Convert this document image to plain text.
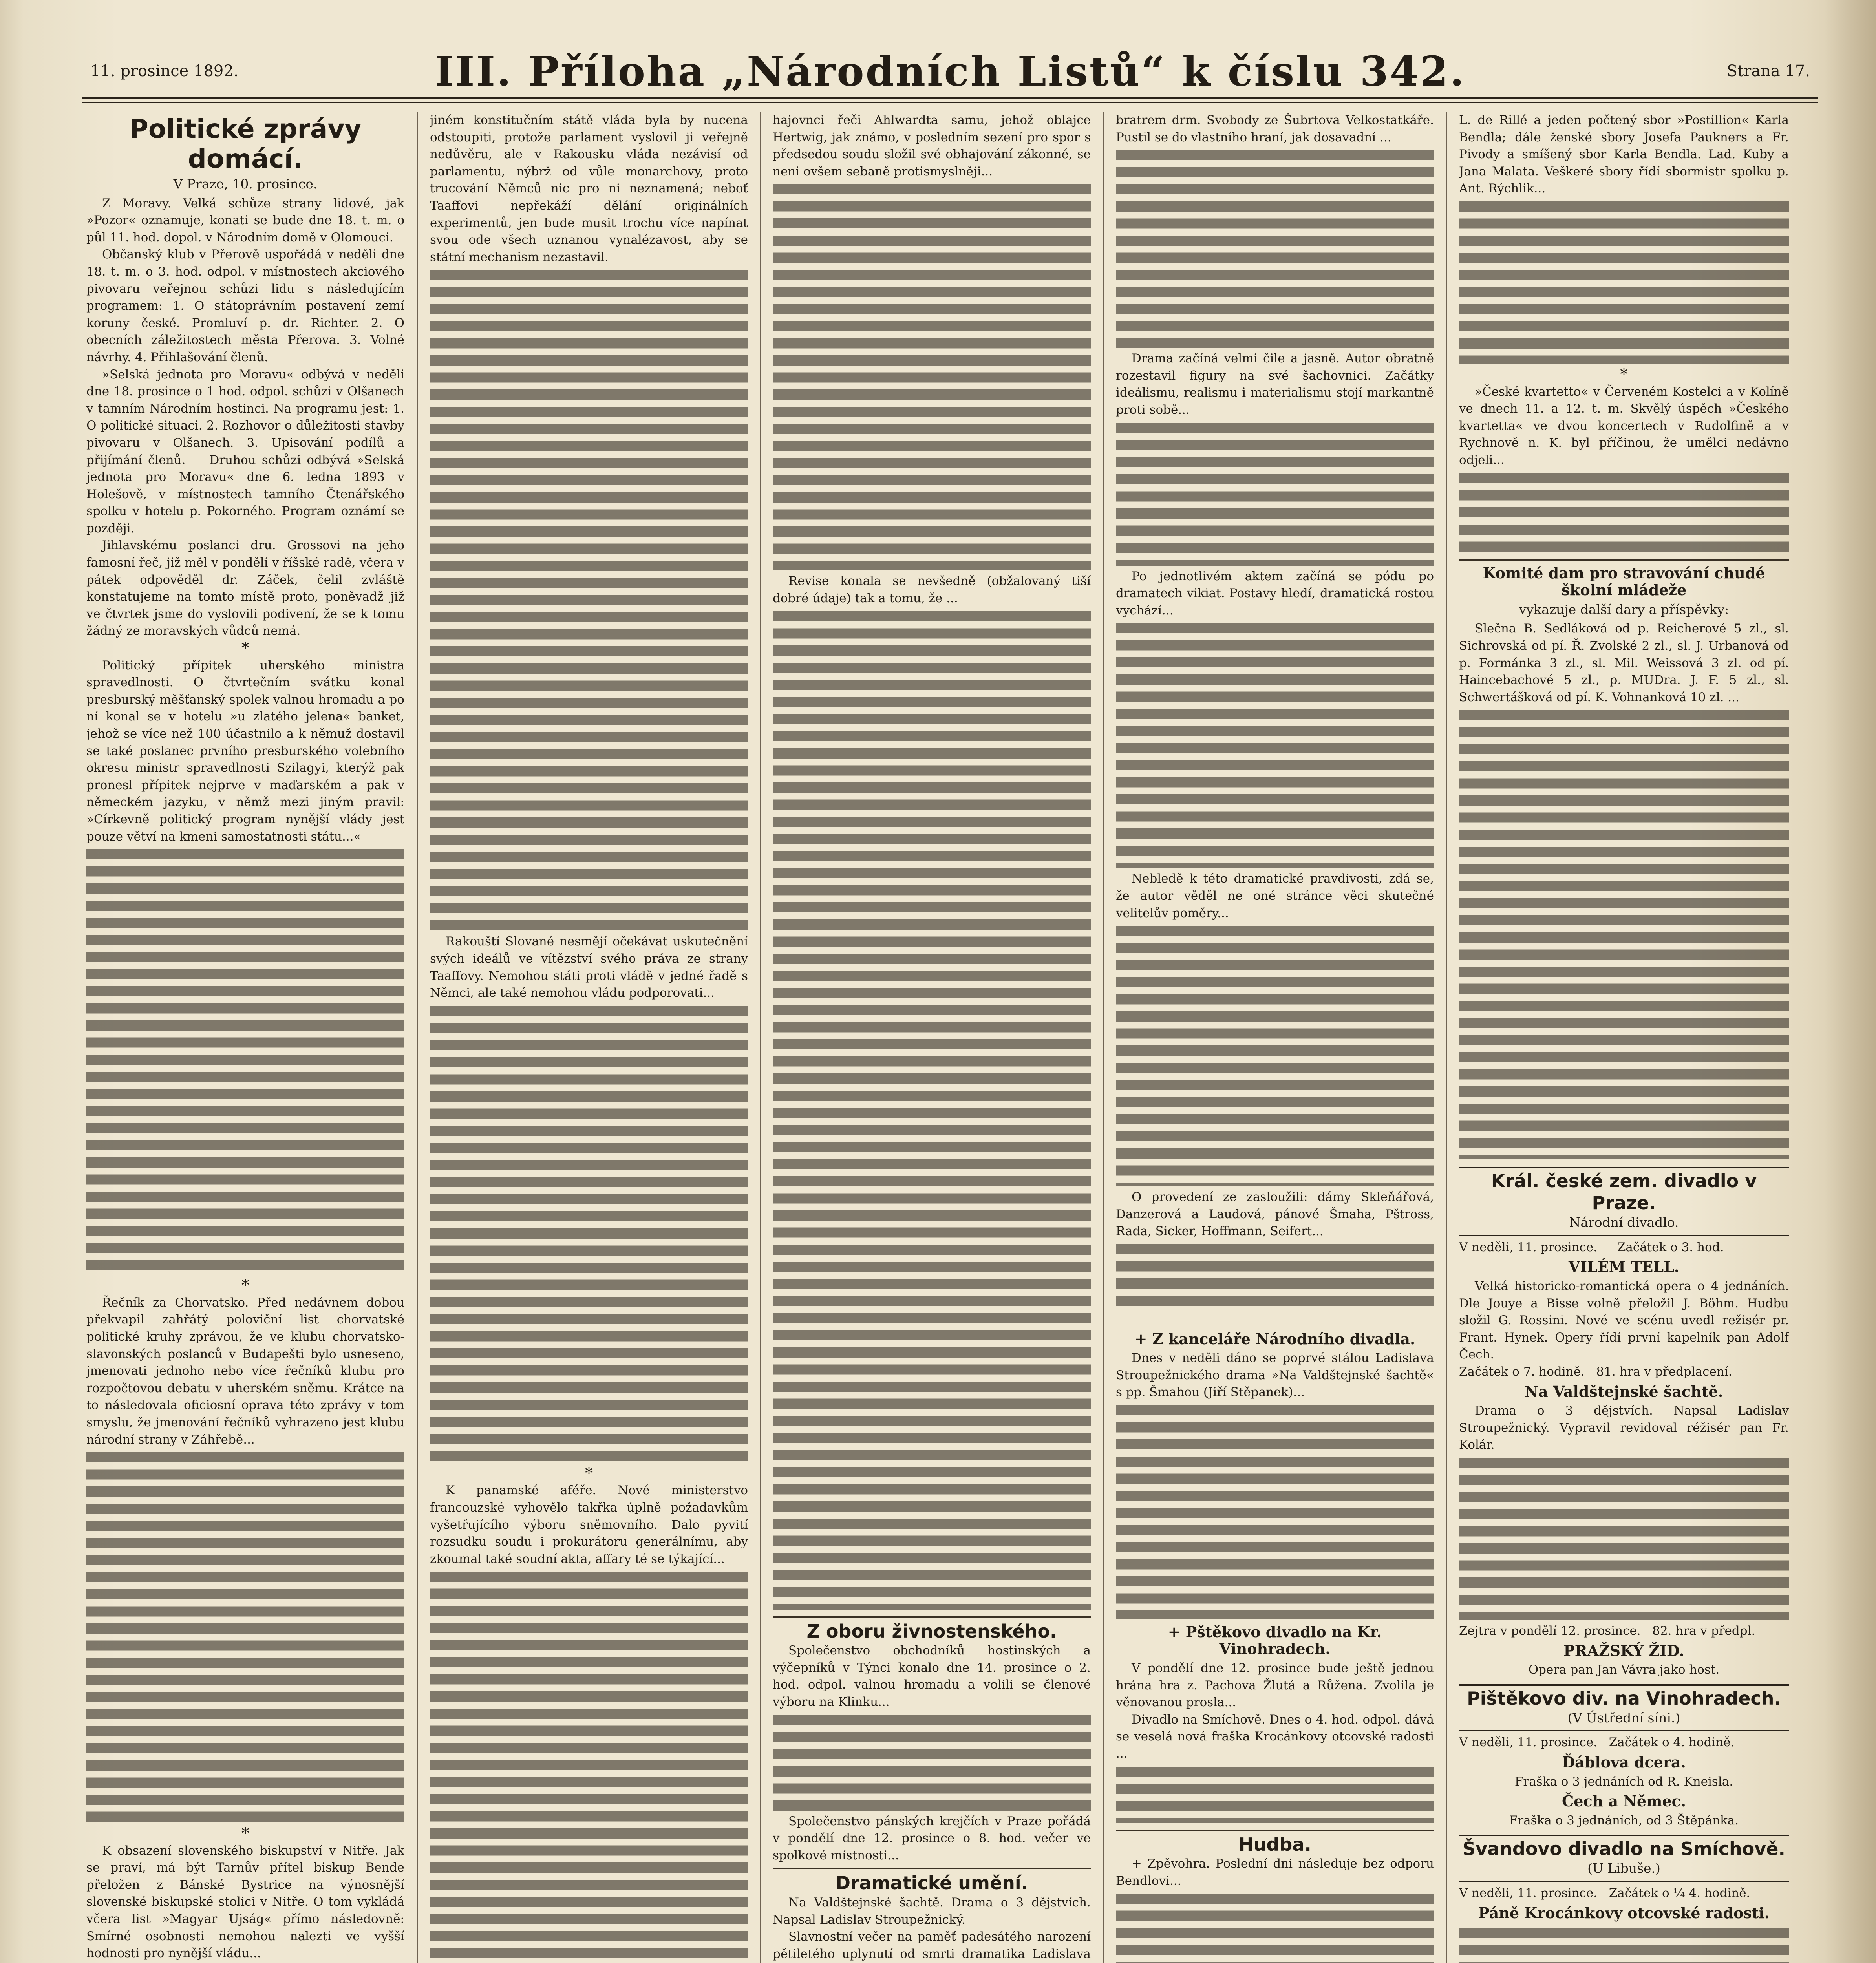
11. prosince 1892.	III. Příloha „Národních Listů“ k číslu 342.	Strana 17.
Politické zprávy domácí.
V Praze, 10. prosince.

Z Moravy. Velká schůze strany lidové, jak »Pozor« oznamuje, konati se bude dne 18. t. m. o půl 11. hod. dopol. v Národním domě v Olomouci.

Občanský klub v Přerově uspořádá v neděli dne 18. t. m. o 3. hod. odpol. v místnostech akciového pivovaru veřejnou schůzi lidu s následujícím programem: 1. O státoprávním postavení zemí koruny české. Promluví p. dr. Richter. 2. O obecních záležitostech města Přerova. 3. Volné návrhy. 4. Přihlašování členů.

»Selská jednota pro Moravu« odbývá v neděli dne 18. prosince o 1 hod. odpol. schůzi v Olšanech v tamním Národním hostinci. Na programu jest: 1. O politické situaci. 2. Rozhovor o důležitosti stavby pivovaru v Olšanech. 3. Upisování podílů a přijímání členů. — Druhou schůzi odbývá »Selská jednota pro Moravu« dne 6. ledna 1893 v Holešově, v místnostech tamního Čtenářského spolku v hotelu p. Pokorného. Program oznámí se později.

Jihlavskému poslanci dru. Grossovi na jeho famosní řeč, již měl v pondělí v říšské radě, včera v pátek odpověděl dr. Záček, čelil zvláště konstatujeme na tomto místě proto, poněvadž již ve čtvrtek jsme do vyslovili podivení, že se k tomu žádný ze moravských vůdců nemá.

*

Politický přípitek uherského ministra spravedlnosti. O čtvrtečním svátku konal presburský měšťanský spolek valnou hromadu a po ní konal se v hotelu »u zlatého jelena« banket, jehož se více než 100 účastnilo a k němuž dostavil se také poslanec prvního presburského volebního okresu ministr spravedlnosti Szilagyi, kterýž pak pronesl přípitek nejprve v maďarském a pak v německém jazyku, v němž mezi jiným pravil: »Církevně politický program nynější vlády jest pouze větví na kmeni samostatnosti státu...«

*

Řečník za Chorvatsko. Před nedávnem dobou překvapil zahřátý poloviční list chorvatské politické kruhy zprávou, že ve klubu chorvatsko-slavonských poslanců v Budapešti bylo usneseno, jmenovati jednoho nebo více řečníků klubu pro rozpočtovou debatu v uherském sněmu. Krátce na to následovala oficiosní oprava této zprávy v tom smyslu, že jmenování řečníků vyhrazeno jest klubu národní strany v Záhřebě...

*

K obsazení slovenského biskupství v Nitře. Jak se praví, má být Tarnův přítel biskup Bende přeložen z Bánské Bystrice na výnosnější slovenské biskupské stolici v Nitře. O tom vykládá včera list »Magyar Ujság« přímo následovně: Smírné osobnosti nemohou nalezti ve vyšší hodnosti pro nynější vládu...

jiném konstitučním státě vláda byla by nucena odstoupiti, protože parlament vyslovil ji veřejně nedůvěru, ale v Rakousku vláda nezávisí od parlamentu, nýbrž od vůle monarchovy, proto trucování Němců nic pro ni neznamená; neboť Taaffovi nepřekáží dělání originálních experimentů, jen bude musit trochu více napínat svou ode všech uznanou vynalézavost, aby se státní mechanism nezastavil.

Rakouští Slované nesmějí očekávat uskutečnění svých ideálů ve vítězství svého práva ze strany Taaffovy. Nemohou státi proti vládě v jedné řadě s Němci, ale také nemohou vládu podporovati...

*

K panamské aféře. Nové ministerstvo francouzské vyhovělo takřka úplně požadavkům vyšetřujícího výboru sněmovního. Dalo pyvití rozsudku soudu i prokurátoru generálnímu, aby zkoumal také soudní akta, affary té se týkající...

hajovnci řeči Ahlwardta samu, jehož oblajce Hertwig, jak známo, v posledním sezení pro spor s předsedou soudu složil své obhajování zákonné, se neni ovšem sebaně protismyslněji...

Revise konala se nevšedně (obžalovaný tiší dobré údaje) tak a tomu, že ...

Z oboru živnostenského.

Společenstvo obchodníků hostinských a výčepníků v Týnci konalo dne 14. prosince o 2. hod. odpol. valnou hromadu a volili se členové výboru na Klinku...

Společenstvo pánských krejčích v Praze pořádá v pondělí dne 12. prosince o 8. hod. večer ve spolkové místnosti...

Dramatické umění.

Na Valdštejnské šachtě. Drama o 3 dějstvích. Napsal Ladislav Stroupežnický.

Slavnostní večer na paměť padesátého narození pětiletého uplynutí od smrti dramatika Ladislava

bratrem drm. Svobody ze Šubrtova Velkostatkáře. Pustil se do vlastního hraní, jak dosavadní ...

Drama začíná velmi čile a jasně. Autor obratně rozestavil figury na své šachovnici. Začátky ideálismu, realismu i materialismu stojí markantně proti sobě...

Po jednotlivém aktem začíná se pódu po dramatech vikiat. Postavy hledí, dramatická rostou vychází...

Nebledě k této dramatické pravdivosti, zdá se, že autor věděl ne oné stránce věci skutečné velitelův poměry...

O provedení ze zasloužili: dámy Skleňářová, Danzerová a Laudová, pánové Šmaha, Pštross, Rada, Sicker, Hoffmann, Seifert...

—

+ Z kanceláře Národního divadla.

Dnes v neděli dáno se poprvé stálou Ladislava Stroupežnického drama »Na Valdštejnské šachtě« s pp. Šmahou (Jiří Stěpanek)...

+ Pštěkovo divadlo na Kr. Vinohradech.

V pondělí dne 12. prosince bude ještě jednou hrána hra z. Pachova Žlutá a Růžena. Zvolila je věnovanou prosla...

Divadlo na Smíchově. Dnes o 4. hod. odpol. dává se veselá nová fraška Krocánkovy otcovské radosti ...

Hudba.

+ Zpěvohra. Poslední dni následuje bez odporu Bendlovi...

L. de Rillé a jeden počtený sbor »Postillion« Karla Bendla; dále ženské sbory Josefa Paukners a Fr. Pivody a smíšený sbor Karla Bendla. Lad. Kuby a Jana Malata. Veškeré sbory řídí sbormistr spolku p. Ant. Rýchlik...

*

»České kvartetto« v Červeném Kostelci a v Kolíně ve dnech 11. a 12. t. m. Skvělý úspěch »Českého kvartetta« ve dvou koncertech v Rudolfině a v Rychnově n. K. byl příčinou, že umělci nedávno odjeli...

Komité dam pro stravování chudé školní mládeže
vykazuje další dary a příspěvky:

Slečna B. Sedláková od p. Reicherové 5 zl., sl. Sichrovská od pí. Ř. Zvolské 2 zl., sl. J. Urbanová od p. Formánka 3 zl., sl. Mil. Weissová 3 zl. od pí. Haincebachové 5 zl., p. MUDra. J. F. 5 zl., sl. Schwertášková od pí. K. Vohnanková 10 zl. ...

Král. české zem. divadlo v Praze.
Národní divadlo.

V neděli, 11. prosince. — Začátek o 3. hod.

VILÉM TELL.

Velká historicko-romantická opera o 4 jednáních. Dle Jouye a Bisse volně přeložil J. Böhm. Hudbu složil G. Rossini. Nové ve scénu uvedl režisér pr. Frant. Hynek. Opery řídí první kapelník pan Adolf Čech.

Začátek o 7. hodině. 81. hra v předplacení.

Na Valdštejnské šachtě.

Drama o 3 dějstvích. Napsal Ladislav Stroupežnický. Vypravil revidoval réžisér pan Fr. Kolár.

Zejtra v pondělí 12. prosince. 82. hra v předpl.

PRAŽSKÝ ŽID.

Opera pan Jan Vávra jako host.

Pištěkovo div. na Vinohradech.
(V Ústřední síni.)

V neděli, 11. prosince. Začátek o 4. hodině.

Ďáblova dcera.

Fraška o 3 jednáních od R. Kneisla.

Čech a Němec.

Fraška o 3 jednáních, od 3 Štěpánka.

Švandovo divadlo na Smíchově.
(U Libuše.)

V neděli, 11. prosince. Začátek o ¼ 4. hodině.

Páně Krocánkovy otcovské radosti.
